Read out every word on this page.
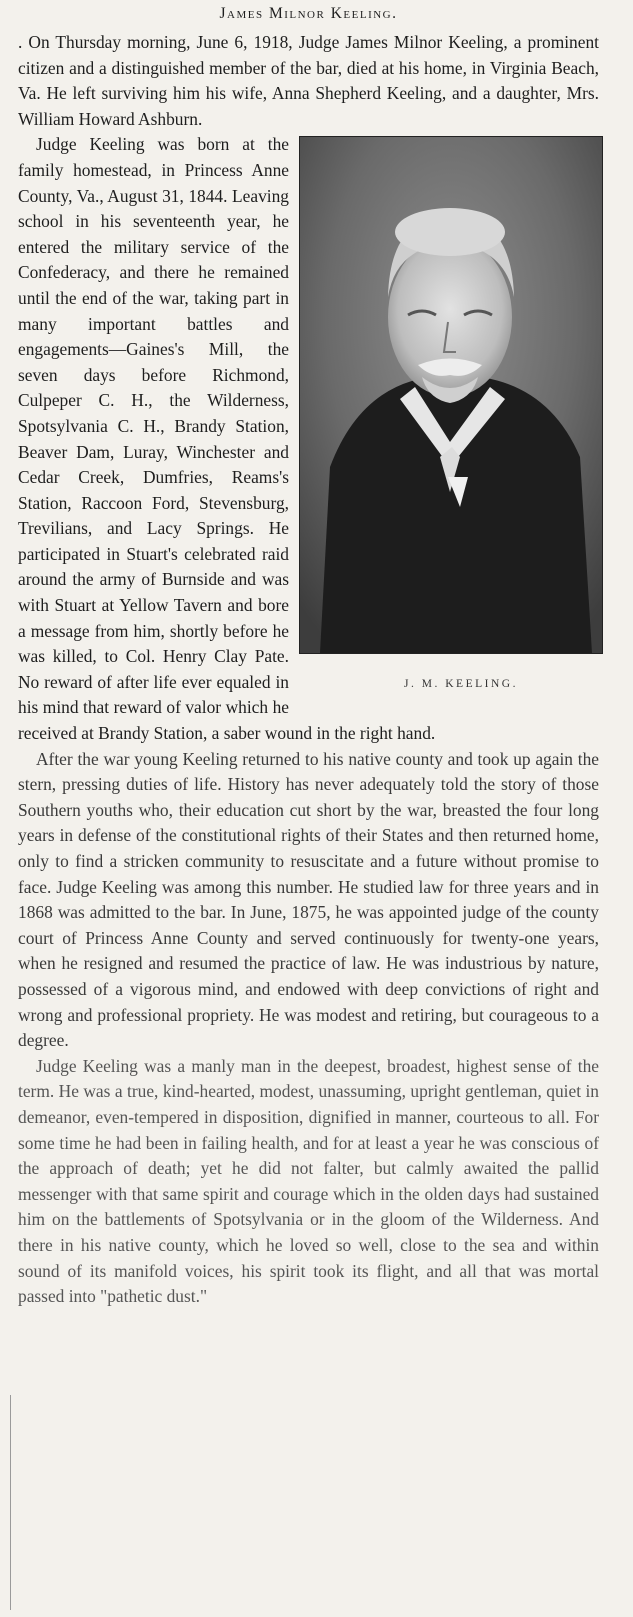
James Milnor Keeling.

. On Thursday morning, June 6, 1918, Judge James Milnor Keeling, a prominent citizen and a distinguished member of the bar, died at his home, in Virginia Beach, Va. He left surviving him his wife, Anna Shepherd Keeling, and a daughter, Mrs. William Howard Ashburn.

J. M. KEELING.
Judge Keeling was born at the family homestead, in Princess Anne County, Va., August 31, 1844. Leaving school in his seventeenth year, he entered the military service of the Confederacy, and there he remained until the end of the war, taking part in many important battles and engagements—Gaines's Mill, the seven days before Richmond, Culpeper C. H., the Wilderness, Spotsylvania C. H., Brandy Station, Beaver Dam, Luray, Winchester and Cedar Creek, Dumfries, Reams's Station, Raccoon Ford, Stevensburg, Trevilians, and Lacy Springs. He participated in Stuart's celebrated raid around the army of Burnside and was with Stuart at Yellow Tavern and bore a message from him, shortly before he was killed, to Col. Henry Clay Pate. No reward of after life ever equaled in his mind that reward of valor which he received at Brandy Station, a saber wound in the right hand.

After the war young Keeling returned to his native county and took up again the stern, pressing duties of life. History has never adequately told the story of those Southern youths who, their education cut short by the war, breasted the four long years in defense of the constitutional rights of their States and then returned home, only to find a stricken community to resuscitate and a future without promise to face. Judge Keeling was among this number. He studied law for three years and in 1868 was admitted to the bar. In June, 1875, he was appointed judge of the county court of Princess Anne County and served continuously for twenty-one years, when he resigned and resumed the practice of law. He was industrious by nature, possessed of a vigorous mind, and endowed with deep convictions of right and wrong and professional propriety. He was modest and retiring, but courageous to a degree.

Judge Keeling was a manly man in the deepest, broadest, highest sense of the term. He was a true, kind-hearted, modest, unassuming, upright gentleman, quiet in demeanor, even-tempered in disposition, dignified in manner, courteous to all. For some time he had been in failing health, and for at least a year he was conscious of the approach of death; yet he did not falter, but calmly awaited the pallid messenger with that same spirit and courage which in the olden days had sustained him on the battlements of Spotsylvania or in the gloom of the Wilderness. And there in his native county, which he loved so well, close to the sea and within sound of its manifold voices, his spirit took its flight, and all that was mortal passed into "pathetic dust."
